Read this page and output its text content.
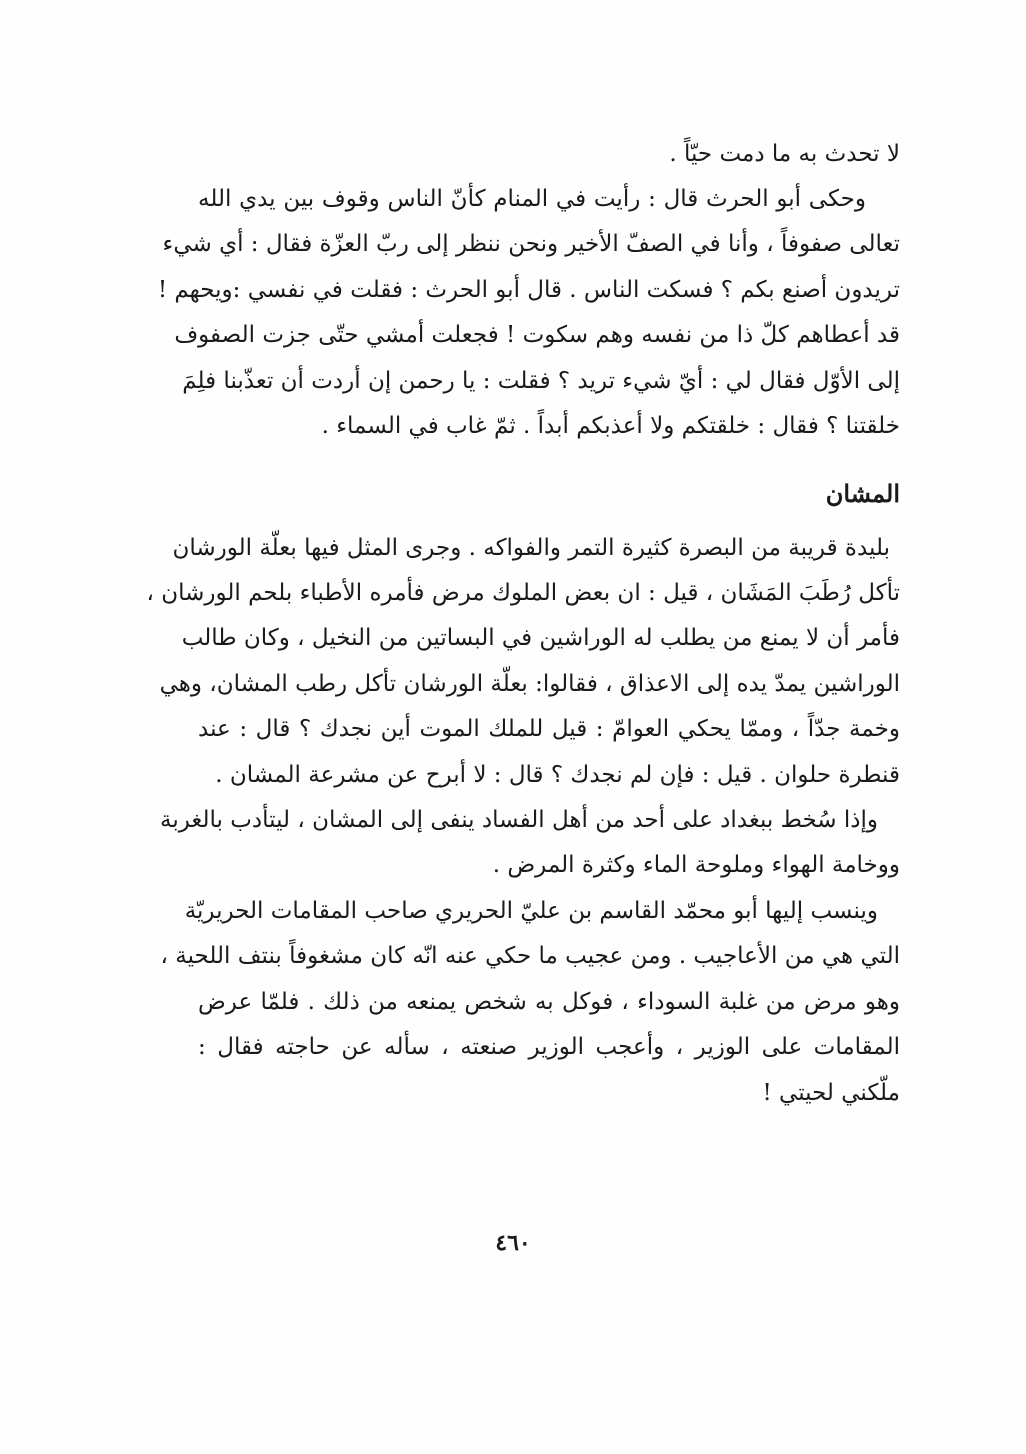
لا تحدث به ما دمت حيّاً .
وحكى أبو الحرث قال : رأيت في المنام كأنّ الناس وقوف بين يدي الله
تعالى صفوفاً ، وأنا في الصفّ الأخير ونحن ننظر إلى ربّ العزّة فقال : أي شيء
تريدون أصنع بكم ؟ فسكت الناس . قال أبو الحرث : فقلت في نفسي :ويحهم !
قد أعطاهم كلّ ذا من نفسه وهم سكوت ! فجعلت أمشي حتّى جزت الصفوف
إلى الأوّل فقال لي : أيّ شيء تريد ؟ فقلت : يا رحمن إن أردت أن تعذّبنا فلِمَ
خلقتنا ؟ فقال : خلقتكم ولا أعذبكم أبداً . ثمّ غاب في السماء .
المشان
بليدة قريبة من البصرة كثيرة التمر والفواكه . وجرى المثل فيها بعلّة الورشان
تأكل رُطَبَ المَشَان ، قيل : ان بعض الملوك مرض فأمره الأطباء بلحم الورشان ،
فأمر أن لا يمنع من يطلب له الوراشين في البساتين من النخيل ، وكان طالب
الوراشين يمدّ يده إلى الاعذاق ، فقالوا: بعلّة الورشان تأكل رطب المشان، وهي
وخمة جدّاً ، وممّا يحكي العوامّ : قيل للملك الموت أين نجدك ؟ قال : عند
قنطرة حلوان . قيل : فإن لم نجدك ؟ قال : لا أبرح عن مشرعة المشان .
وإذا سُخط ببغداد على أحد من أهل الفساد ينفى إلى المشان ، ليتأدب بالغربة
ووخامة الهواء وملوحة الماء وكثرة المرض .
وينسب إليها أبو محمّد القاسم بن عليّ الحريري صاحب المقامات الحريريّة
التي هي من الأعاجيب . ومن عجيب ما حكي عنه انّه كان مشغوفاً بنتف اللحية ،
وهو مرض من غلبة السوداء ، فوكل به شخص يمنعه من ذلك . فلمّا عرض
المقامات على الوزير ، وأعجب الوزير صنعته ، سأله عن حاجته فقال :
ملّكني لحيتي !
٤٦٠
